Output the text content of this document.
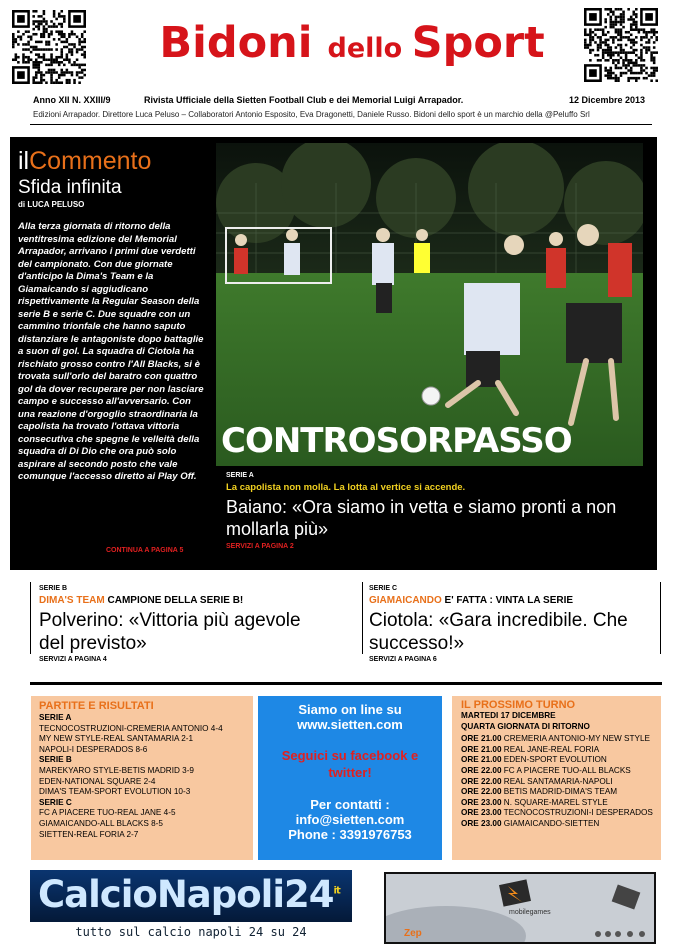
Bidoni dello Sport
Anno XII N. XXIII/9	Rivista Ufficiale della Sietten Football Club e dei Memorial Luigi Arrapador.	12 Dicembre 2013
Edizioni Arrapador. Direttore Luca Peluso – Collaboratori Antonio Esposito, Eva Dragonetti, Daniele Russo. Bidoni dello sport è un marchio della @Peluffo Srl
ilCommento
Sfida infinita
di LUCA PELUSO
Alla terza giornata di ritorno della ventitresima edizione del Memorial Arrapador, arrivano i primi due verdetti del campionato. Con due giornate d'anticipo la Dima's Team e la Giamaicando si aggiudicano rispettivamente la Regular Season della serie B e serie C. Due squadre con un cammino trionfale che hanno saputo distanziare le antagoniste dopo battaglie a suon di gol. La squadra di Ciotola ha rischiato grosso contro l'All Blacks, si è trovata sull'orlo del baratro con quattro gol da dover recuperare per non lasciare campo e successo all'avversario. Con una reazione d'orgoglio straordinaria la capolista ha trovato l'ottava vittoria consecutiva che spegne le velleità della squadra di Di Dio che ora può solo aspirare al secondo posto che vale comunque l'accesso diretto ai Play Off.
CONTINUA A PAGINA 5
CONTROSORPASSO
SERIE A
La capolista non molla. La lotta al vertice si accende.
Baiano: «Ora siamo in vetta e siamo pronti a non mollarla più»
SERVIZI A PAGINA 2
SERIE B
DIMA'S TEAM CAMPIONE DELLA SERIE B!
Polverino: «Vittoria più agevole del previsto»
SERVIZI A PAGINA 4
SERIE C
GIAMAICANDO E' FATTA : VINTA LA SERIE
Ciotola: «Gara incredibile. Che successo!»
SERVIZI A PAGINA 6
PARTITE E RISULTATI
SERIE A
TECNOCOSTRUZIONI-CREMERIA ANTONIO 4-4
MY NEW STYLE-REAL SANTAMARIA 2-1
NAPOLI-I DESPERADOS 8-6
SERIE B
MAREKYARO STYLE-BETIS MADRID 3-9
EDEN-NATIONAL SQUARE 2-4
DIMA'S TEAM-SPORT EVOLUTION 10-3
SERIE C
FC A PIACERE TUO-REAL JANE 4-5
GIAMAICANDO-ALL BLACKS 8-5
SIETTEN-REAL FORIA 2-7
Siamo on line su
www.sietten.com
Seguici su facebook e twitter!
Per contatti :
info@sietten.com
Phone : 3391976753
IL PROSSIMO TURNO
MARTEDI 17 DICEMBRE
QUARTA GIORNATA DI RITORNO
ORE 21.00 CREMERIA ANTONIO-MY NEW STYLE
ORE 21.00 REAL JANE-REAL FORIA
ORE 21.00 EDEN-SPORT EVOLUTION
ORE 22.00 FC A PIACERE TUO-ALL BLACKS
ORE 22.00 REAL SANTAMARIA-NAPOLI
ORE 22.00 BETIS MADRID-DIMA'S TEAM
ORE 23.00 N. SQUARE-MAREL STYLE
ORE 23.00 TECNOCOSTRUZIONI-I DESPERADOS
ORE 23.00 GIAMAICANDO-SIETTEN
$CalcioNapoli24^{it}$
tutto sul calcio napoli 24 su 24	Zep
mobilegames
